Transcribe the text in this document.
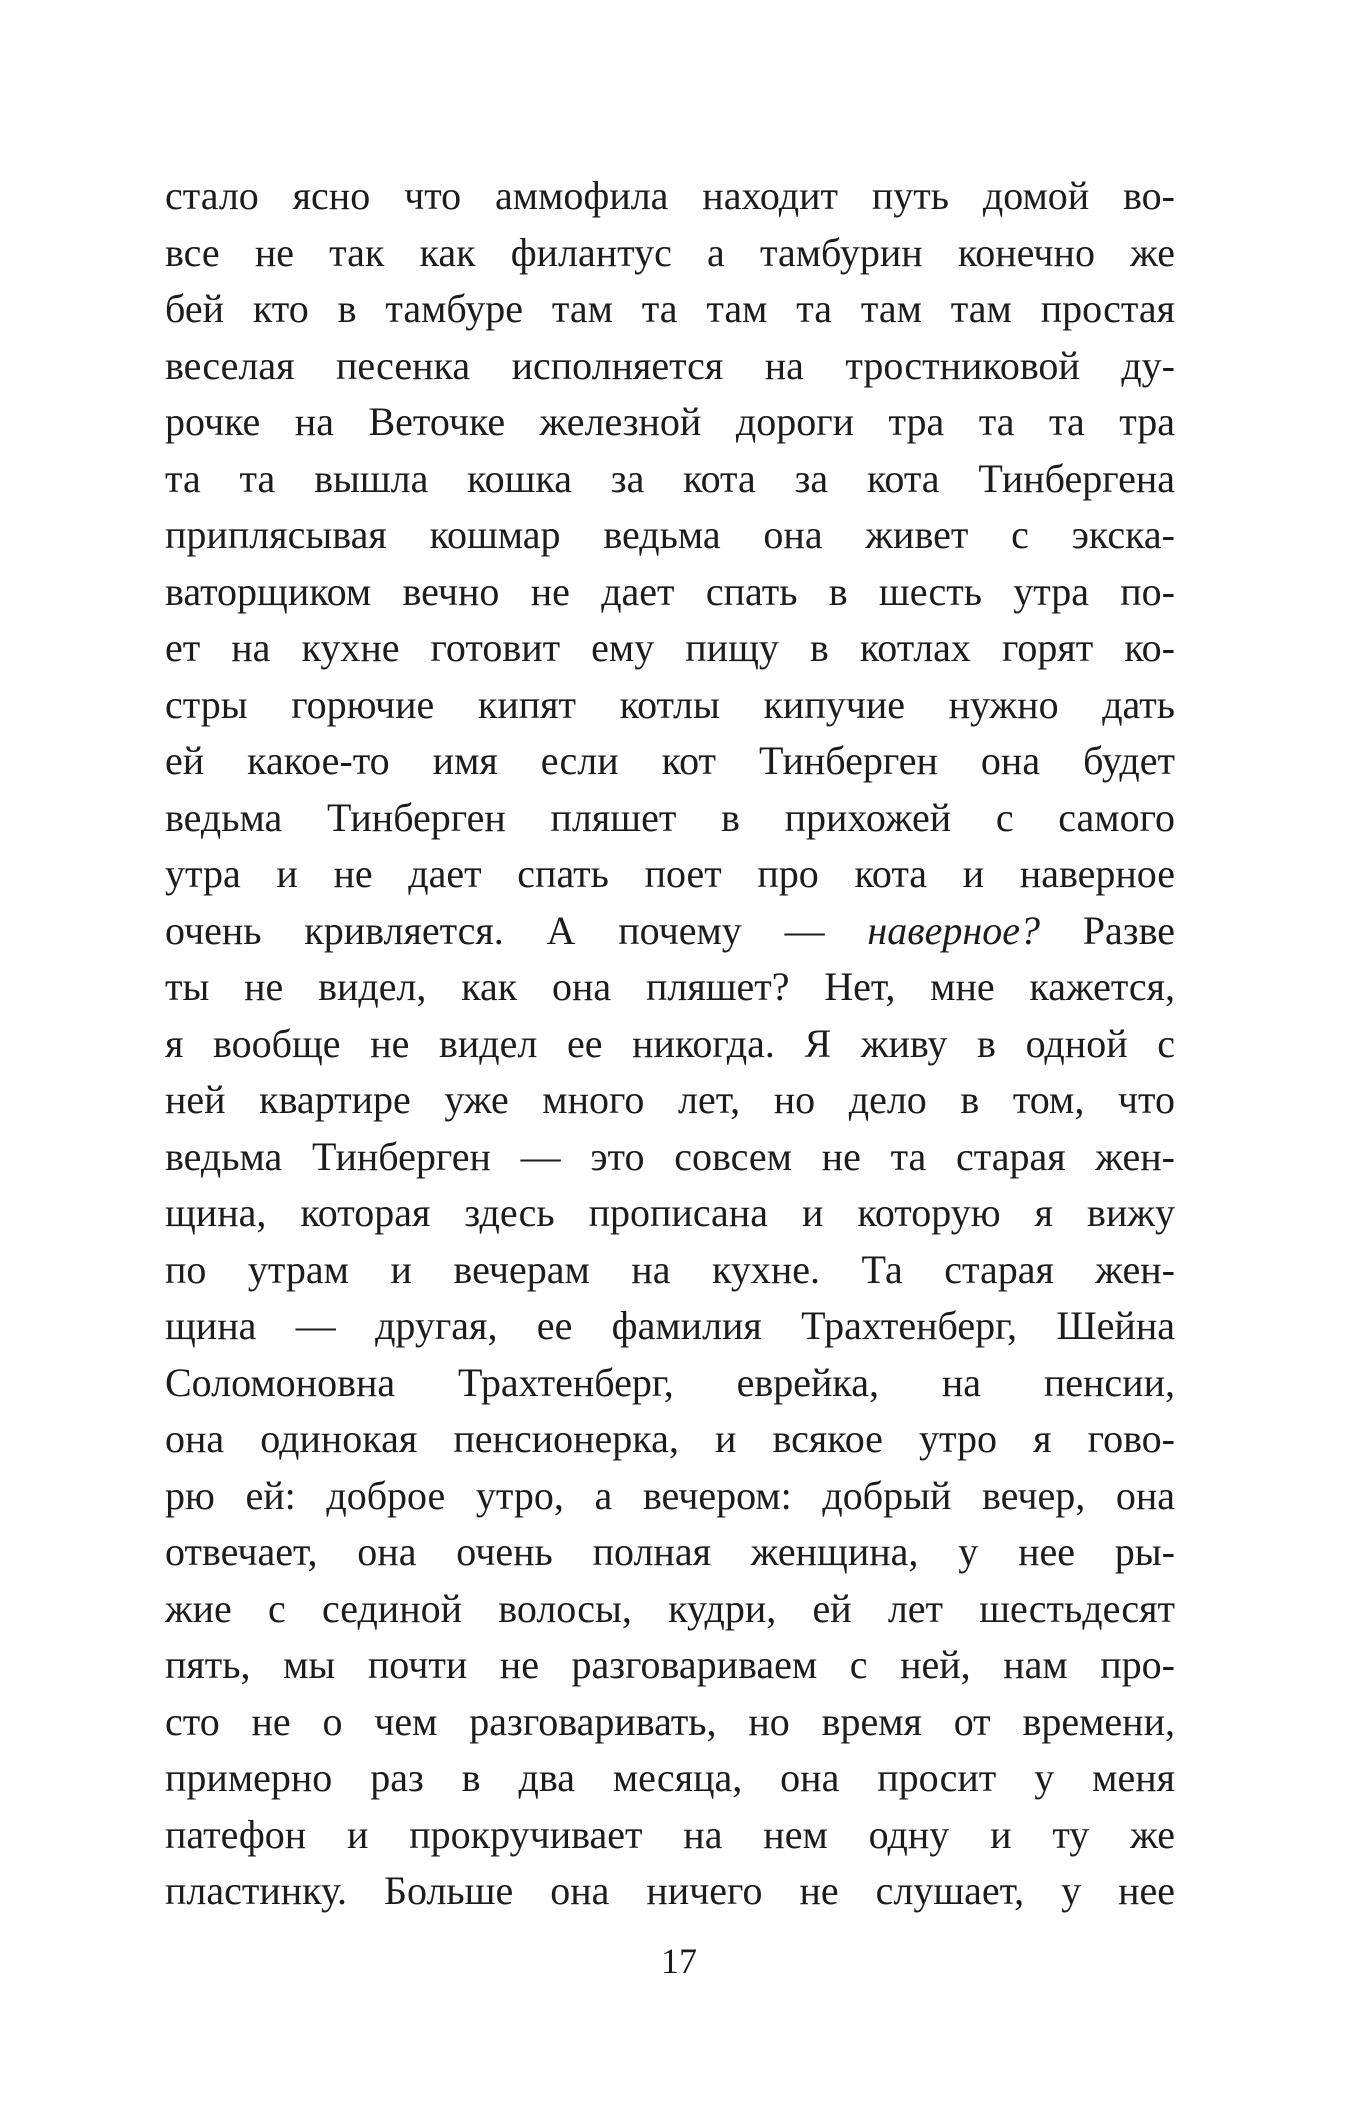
стало ясно что аммофила находит путь домой во-
все не так как филантус а тамбурин конечно же
бей кто в тамбуре там та там та там там простая
веселая песенка исполняется на тростниковой ду-
рочке на Веточке железной дороги тра та та тра
та та вышла кошка за кота за кота Тинбергена
приплясывая кошмар ведьма она живет с экска-
ваторщиком вечно не дает спать в шесть утра по-
ет на кухне готовит ему пищу в котлах горят ко-
стры горючие кипят котлы кипучие нужно дать
ей какое-то имя если кот Тинберген она будет
ведьма Тинберген пляшет в прихожей с самого
утра и не дает спать поет про кота и наверное
очень кривляется. А почему — наверное? Разве
ты не видел, как она пляшет? Нет, мне кажется,
я вообще не видел ее никогда. Я живу в одной с
ней квартире уже много лет, но дело в том, что
ведьма Тинберген — это совсем не та старая жен-
щина, которая здесь прописана и которую я вижу
по утрам и вечерам на кухне. Та старая жен-
щина — другая, ее фамилия Трахтенберг, Шейна
Соломоновна Трахтенберг, еврейка, на пенсии,
она одинокая пенсионерка, и всякое утро я гово-
рю ей: доброе утро, а вечером: добрый вечер, она
отвечает, она очень полная женщина, у нее ры-
жие с сединой волосы, кудри, ей лет шестьдесят
пять, мы почти не разговариваем с ней, нам про-
сто не о чем разговаривать, но время от времени,
примерно раз в два месяца, она просит у меня
патефон и прокручивает на нем одну и ту же
пластинку. Больше она ничего не слушает, у нее
17
